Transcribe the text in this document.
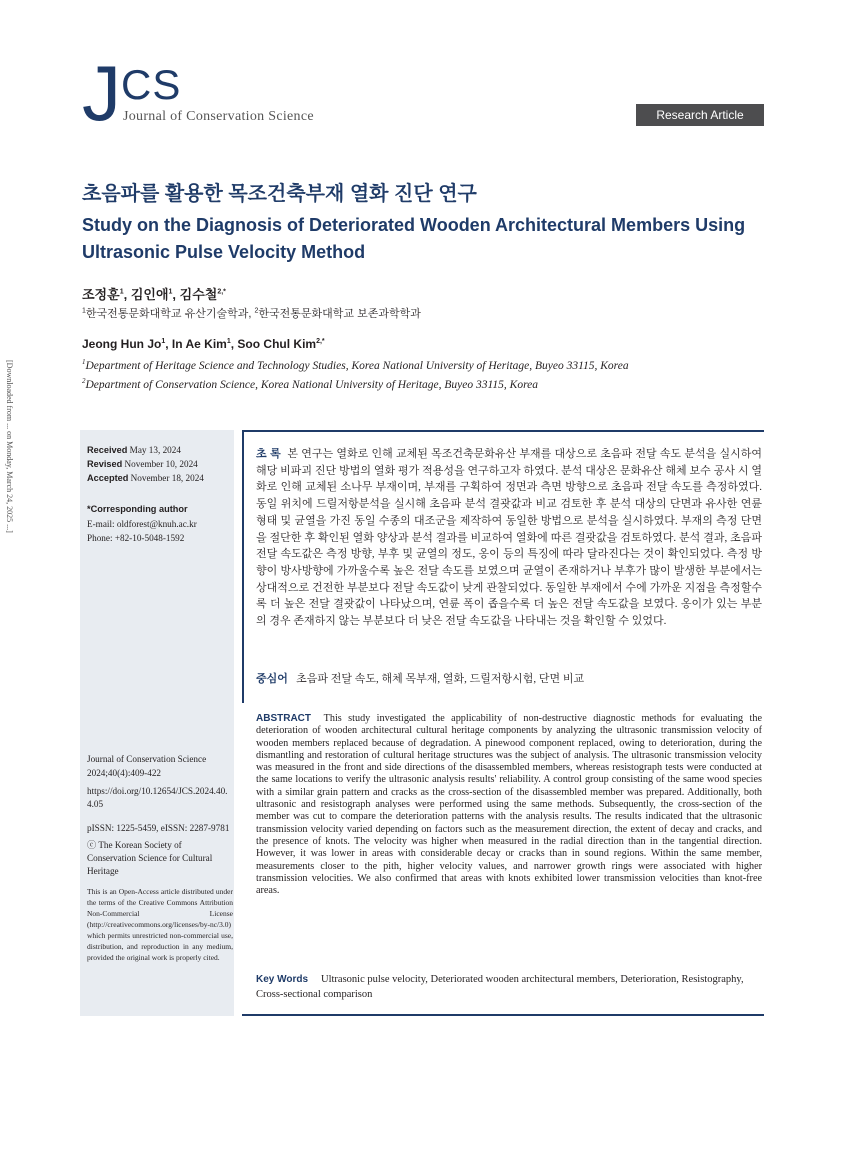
[Downloaded from ... on Monday, March 24, 2025 ...]
J CS
Journal of Conservation Science	Research Article
초음파를 활용한 목조건축부재 열화 진단 연구
Study on the Diagnosis of Deteriorated Wooden Architectural Members Using Ultrasonic Pulse Velocity Method
조정훈$^1$, 김인애$^1$, 김수철$^{2,*}$
$^1$한국전통문화대학교 유산기술학과, $^2$한국전통문화대학교 보존과학학과
Jeong Hun Jo$^1$, In Ae Kim$^1$, Soo Chul Kim$^{2,*}$
$^1$Department of Heritage Science and Technology Studies, Korea National University of Heritage, Buyeo 33115, Korea
$^2$Department of Conservation Science, Korea National University of Heritage, Buyeo 33115, Korea
Received May 13, 2024
Revised November 10, 2024
Accepted November 18, 2024
*Corresponding author
E-mail: oldforest@knuh.ac.kr
Phone: +82-10-5048-1592
Journal of Conservation Science
2024;40(4):409-422
https://doi.org/10.12654/JCS.2024.40.4.05
pISSN: 1225-5459, eISSN: 2287-9781
ⓒ The Korean Society of Conservation Science for Cultural Heritage
This is an Open-Access article distributed under the terms of the Creative Commons Attribution Non-Commercial License (http://creativecommons.org/licenses/by-nc/3.0) which permits unrestricted non-commercial use, distribution, and reproduction in any medium, provided the original work is properly cited.
초 록 본 연구는 열화로 인해 교체된 목조건축문화유산 부재를 대상으로 초음파 전달 속도 분석을 실시하여 해당 비파괴 진단 방법의 열화 평가 적용성을 연구하고자 하였다. 분석 대상은 문화유산 해체 보수 공사 시 열화로 인해 교체된 소나무 부재이며, 부재를 구획하여 정면과 측면 방향으로 초음파 전달 속도를 측정하였다. 동일 위치에 드릴저항분석을 실시해 초음파 분석 결괏값과 비교 검토한 후 분석 대상의 단면과 유사한 연륜 형태 및 균열을 가진 동일 수종의 대조군을 제작하여 동일한 방법으로 분석을 실시하였다. 부재의 측정 단면을 절단한 후 확인된 열화 양상과 분석 결과를 비교하여 열화에 따른 결괏값을 검토하였다. 분석 결과, 초음파 전달 속도값은 측정 방향, 부후 및 균열의 정도, 옹이 등의 특징에 따라 달라진다는 것이 확인되었다. 측정 방향이 방사방향에 가까울수록 높은 전달 속도를 보였으며 균열이 존재하거나 부후가 많이 발생한 부분에서는 상대적으로 건전한 부분보다 전달 속도값이 낮게 관찰되었다. 동일한 부재에서 수에 가까운 지점을 측정할수록 더 높은 전달 결괏값이 나타났으며, 연륜 폭이 좁을수록 더 높은 전달 속도값을 보였다. 옹이가 있는 부분의 경우 존재하지 않는 부분보다 더 낮은 전달 속도값을 나타내는 것을 확인할 수 있었다.
중심어 초음파 전달 속도, 해체 목부재, 열화, 드릴저항시험, 단면 비교
ABSTRACT This study investigated the applicability of non-destructive diagnostic methods for evaluating the deterioration of wooden architectural cultural heritage components by analyzing the ultrasonic transmission velocity of wooden members replaced because of degradation. A pinewood component replaced, owing to deterioration, during the dismantling and restoration of cultural heritage structures was the subject of analysis. The ultrasonic transmission velocity was measured in the front and side directions of the disassembled members, whereas resistograph tests were conducted at the same locations to verify the ultrasonic analysis results' reliability. A control group consisting of the same wood species with a similar grain pattern and cracks as the cross-section of the disassembled member was prepared. Additionally, both ultrasonic and resistograph analyses were performed using the same methods. Subsequently, the cross-section of the member was cut to compare the deterioration patterns with the analysis results. The results indicated that the ultrasonic transmission velocity varied depending on factors such as the measurement direction, the extent of decay and cracks, and the presence of knots. The velocity was higher when measured in the radial direction than in the tangential direction. However, it was lower in areas with considerable decay or cracks than in sound regions. Within the same member, measurements closer to the pith, higher velocity values, and narrower growth rings were associated with higher transmission velocities. We also confirmed that areas with knots exhibited lower transmission velocities than knot-free areas.
Key Words Ultrasonic pulse velocity, Deteriorated wooden architectural members, Deterioration, Resistography, Cross-sectional comparison
